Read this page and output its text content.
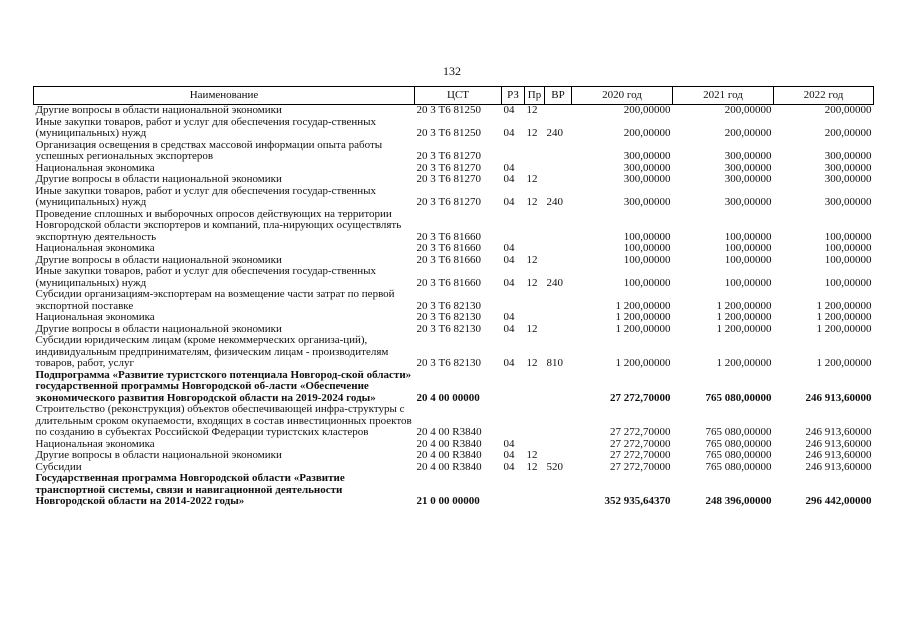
132
Наименование	ЦСТ	РЗ	Пр	ВР	2020 год	2021 год	2022 год
Другие вопросы в области национальной экономики	20 3 Т6 81250	04	12		200,00000	200,00000	200,00000
Иные закупки товаров, работ и услуг для обеспечения государ-ственных (муниципальных) нужд	20 3 Т6 81250	04	12	240	200,00000	200,00000	200,00000
Организация освещения в средствах массовой информации опыта работы успешных региональных экспортеров	20 3 Т6 81270				300,00000	300,00000	300,00000
Национальная экономика	20 3 Т6 81270	04			300,00000	300,00000	300,00000
Другие вопросы в области национальной экономики	20 3 Т6 81270	04	12		300,00000	300,00000	300,00000
Иные закупки товаров, работ и услуг для обеспечения государ-ственных (муниципальных) нужд	20 3 Т6 81270	04	12	240	300,00000	300,00000	300,00000
Проведение сплошных и выборочных опросов действующих на территории Новгородской области экспортеров и компаний, пла-нирующих осуществлять экспортную деятельность	20 3 Т6 81660				100,00000	100,00000	100,00000
Национальная экономика	20 3 Т6 81660	04			100,00000	100,00000	100,00000
Другие вопросы в области национальной экономики	20 3 Т6 81660	04	12		100,00000	100,00000	100,00000
Иные закупки товаров, работ и услуг для обеспечения государ-ственных (муниципальных) нужд	20 3 Т6 81660	04	12	240	100,00000	100,00000	100,00000
Субсидии организациям-экспортерам на возмещение части затрат по первой экспортной поставке	20 3 Т6 82130				1 200,00000	1 200,00000	1 200,00000
Национальная экономика	20 3 Т6 82130	04			1 200,00000	1 200,00000	1 200,00000
Другие вопросы в области национальной экономики	20 3 Т6 82130	04	12		1 200,00000	1 200,00000	1 200,00000
Субсидии юридическим лицам (кроме некоммерческих организа-ций), индивидуальным предпринимателям, физическим лицам - производителям товаров, работ, услуг	20 3 Т6 82130	04	12	810	1 200,00000	1 200,00000	1 200,00000
Подпрограмма «Развитие туристского потенциала Новгород-ской области» государственной программы Новгородской об-ласти «Обеспечение экономического развития Новгородской области на 2019-2024 годы»	20 4 00 00000				27 272,70000	765 080,00000	246 913,60000
Строительство (реконструкция) объектов обеспечивающей инфра-структуры с длительным сроком окупаемости, входящих в состав инвестиционных проектов по созданию в субъектах Российской Федерации туристских кластеров	20 4 00 R3840				27 272,70000	765 080,00000	246 913,60000
Национальная экономика	20 4 00 R3840	04			27 272,70000	765 080,00000	246 913,60000
Другие вопросы в области национальной экономики	20 4 00 R3840	04	12		27 272,70000	765 080,00000	246 913,60000
Субсидии	20 4 00 R3840	04	12	520	27 272,70000	765 080,00000	246 913,60000
Государственная программа Новгородской области «Развитие транспортной системы, связи и навигационной деятельности Новгородской области на 2014-2022 годы»	21 0 00 00000				352 935,64370	248 396,00000	296 442,00000
